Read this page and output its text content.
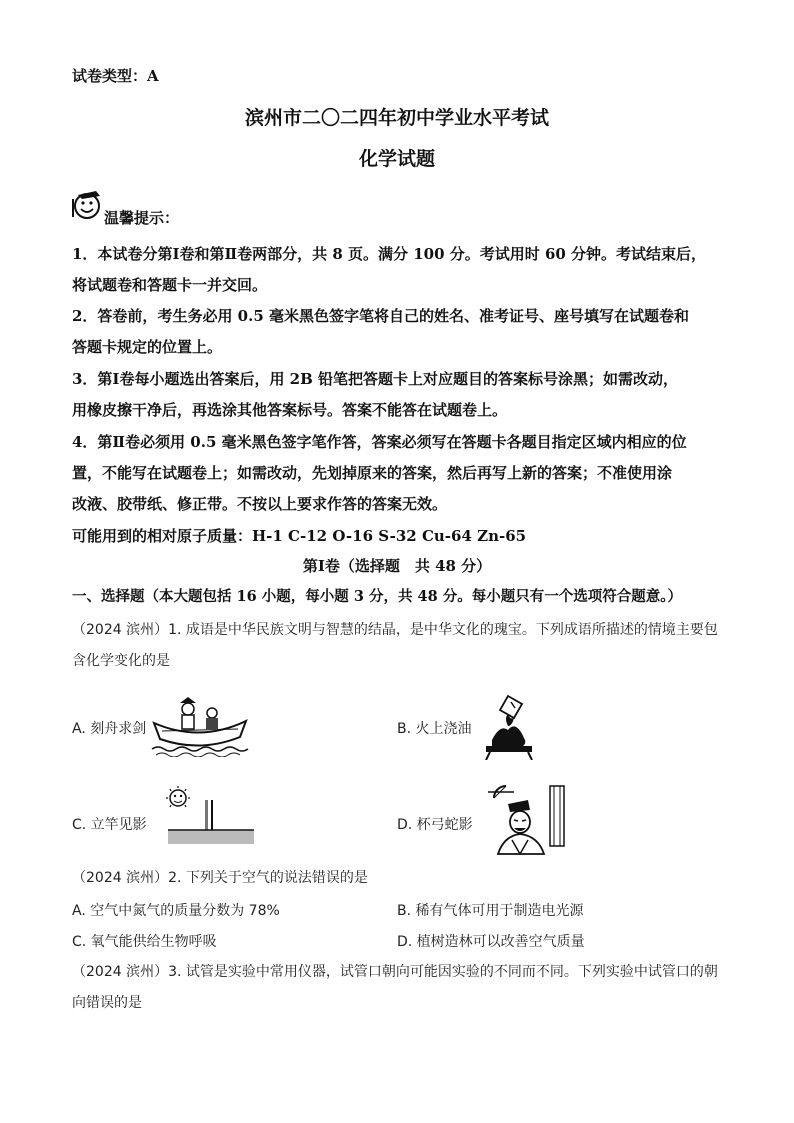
试卷类型：A
滨州市二〇二四年初中学业水平考试
化学试题
温馨提示：
1．本试卷分第Ⅰ卷和第Ⅱ卷两部分，共 8 页。满分 100 分。考试用时 60 分钟。考试结束后，
将试题卷和答题卡一并交回。
2．答卷前，考生务必用 0.5 毫米黑色签字笔将自己的姓名、准考证号、座号填写在试题卷和
答题卡规定的位置上。
3．第Ⅰ卷每小题选出答案后，用 2B 铅笔把答题卡上对应题目的答案标号涂黑；如需改动，
用橡皮擦干净后，再选涂其他答案标号。答案不能答在试题卷上。
4．第Ⅱ卷必须用 0.5 毫米黑色签字笔作答，答案必须写在答题卡各题目指定区域内相应的位
置，不能写在试题卷上；如需改动，先划掉原来的答案，然后再写上新的答案；不准使用涂
改液、胶带纸、修正带。不按以上要求作答的答案无效。
可能用到的相对原子质量：H-1 C-12 O-16 S-32 Cu-64 Zn-65
第Ⅰ卷（选择题　共 48 分）
一、选择题（本大题包括 16 小题，每小题 3 分，共 48 分。每小题只有一个选项符合题意。）
（2024 滨州）1. 成语是中华民族文明与智慧的结晶，是中华文化的瑰宝。下列成语所描述的情境主要包
含化学变化的是
A. 刻舟求剑	B. 火上浇油
C. 立竿见影	D. 杯弓蛇影
（2024 滨州）2. 下列关于空气的说法错误的是
A. 空气中氮气的质量分数为 78%	B. 稀有气体可用于制造电光源
C. 氧气能供给生物呼吸	D. 植树造林可以改善空气质量
（2024 滨州）3. 试管是实验中常用仪器，试管口朝向可能因实验的不同而不同。下列实验中试管口的朝
向错误的是
